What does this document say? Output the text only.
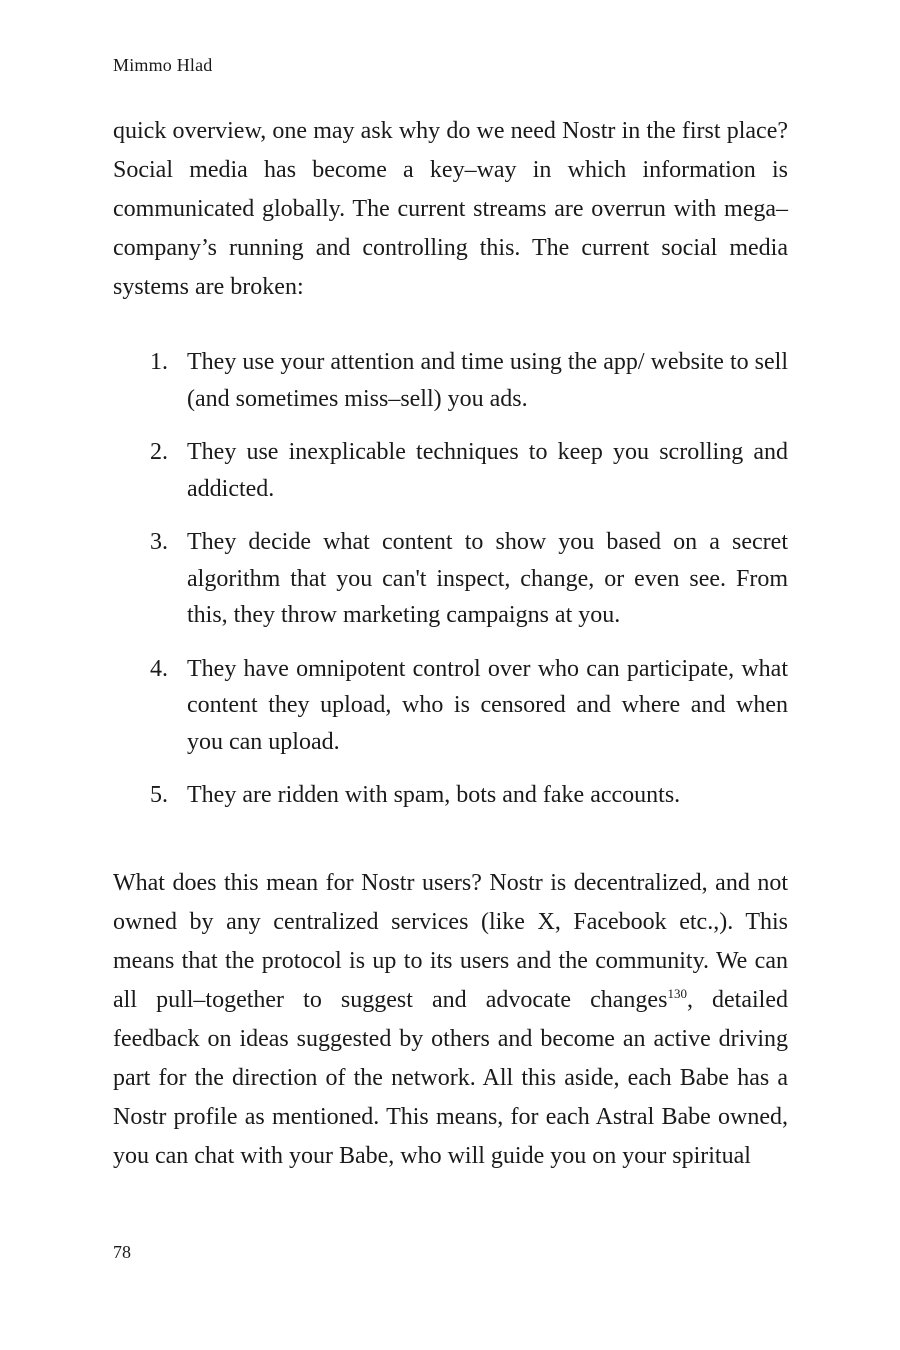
Mimmo Hlad

quick overview, one may ask why do we need Nostr in the first place? Social media has become a key–way in which information is communicated globally. The current streams are overrun with mega–company’s running and controlling this. The current social media systems are broken:

1. They use your attention and time using the app/ website to sell (and sometimes miss–sell) you ads.
2. They use inexplicable techniques to keep you scrolling and addicted.
3. They decide what content to show you based on a secret algorithm that you can't inspect, change, or even see. From this, they throw marketing campaigns at you.
4. They have omnipotent control over who can participate, what content they upload, who is censored and where and when you can upload.
5. They are ridden with spam, bots and fake accounts.

What does this mean for Nostr users? Nostr is decentralized, and not owned by any centralized services (like X, Facebook etc.,). This means that the protocol is up to its users and the community. We can all pull–together to suggest and advocate changes$^{130}$, detailed feedback on ideas suggested by others and become an active driving part for the direction of the network. All this aside, each Babe has a Nostr profile as mentioned. This means, for each Astral Babe owned, you can chat with your Babe, who will guide you on your spiritual

78
